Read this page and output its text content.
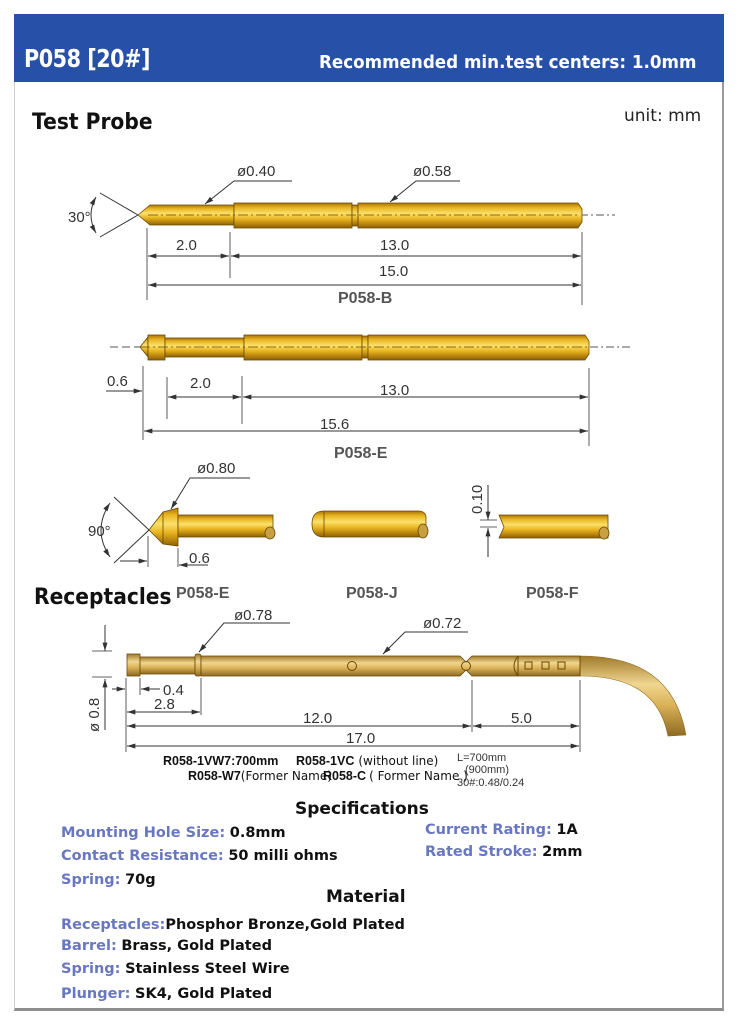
P058 [20#]	Recommended min.test centers: 1.0mm
Test Probe	unit: mm
Receptacles
30°
ø0.40	ø0.58
2.0	13.0
15.0
P058-B
0.6	2.0	13.0
15.6
P058-E
90°
ø0.80
0.6
P058-E	P058-J
0.10
P058-F
ø0.78	ø0.72
ø 0.8
0.4
2.8
12.0	5.0
17.0
R058-1VW7:700mm R058-1VC (without line)
R058-W7(Former Name)
R058-C ( Former Name )
L=700mm
(900mm)
30#:0.48/0.24
Specifications
Mounting Hole Size: 0.8mm
Contact Resistance: 50 milli ohms
Spring: 70g
Current Rating: 1A
Rated Stroke: 2mm
Material
Receptacles:Phosphor Bronze,Gold Plated
Barrel: Brass, Gold Plated
Spring: Stainless Steel Wire
Plunger: SK4, Gold Plated
